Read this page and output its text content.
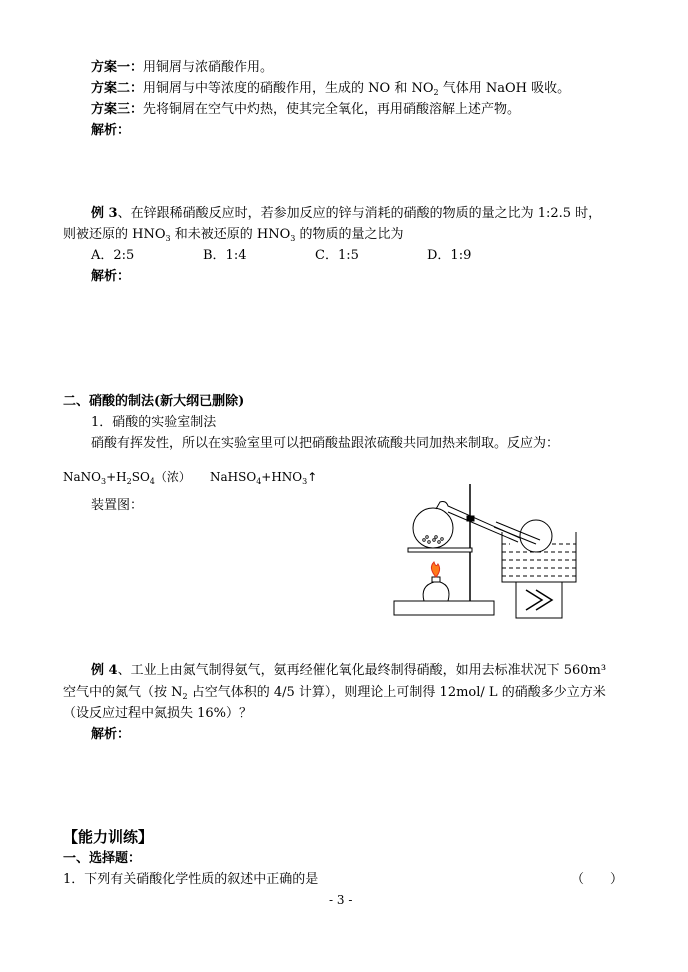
方案一：用铜屑与浓硝酸作用。
方案二：用铜屑与中等浓度的硝酸作用，生成的 NO 和 $NO_2$ 气体用 NaOH 吸收。
方案三：先将铜屑在空气中灼热，使其完全氧化，再用硝酸溶解上述产物。
解析：
例 3、在锌跟稀硝酸反应时，若参加反应的锌与消耗的硝酸的物质的量之比为 1:2.5 时，
则被还原的 $HNO_3$ 和未被还原的 $HNO_3$ 的物质的量之比为
A．2:5	B．1:4	C．1:5	D．1:9
解析：
二、硝酸的制法(新大纲已删除)
1．硝酸的实验室制法
硝酸有挥发性，所以在实验室里可以把硝酸盐跟浓硫酸共同加热来制取。反应为：
$NaNO_3+H_2SO_4$（浓） $NaHSO_4+HNO_3↑$
装置图：
例 4、工业上由氮气制得氨气，氨再经催化氧化最终制得硝酸，如用去标准状况下 560m³
空气中的氮气（按 $N_2$ 占空气体积的 4/5 计算），则理论上可制得 12mol/ L 的硝酸多少立方米
（设反应过程中氮损失 16%）？
解析：
【能力训练】
一、选择题：
1．下列有关硝酸化学性质的叙述中正确的是	（　　）
- 3 -
